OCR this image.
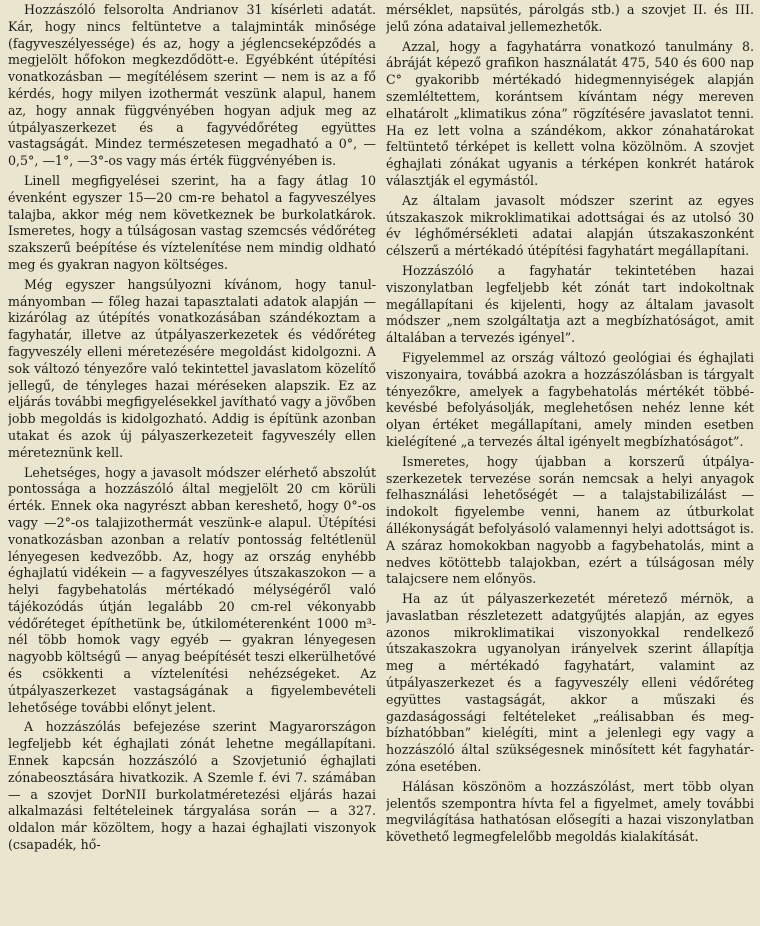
Hozzászóló felsorolta Andrianov 31 kísérleti adatát. Kár, hogy nincs feltüntetve a talajminták minősége (fagyveszélyessége) és az, hogy a jéglencseképződés a megjelölt hőfokon megkezdődött-e. Egyébként útépítési vonatkozásban — megítélésem szerint — nem is az a fő kérdés, hogy milyen izothermát veszünk alapul, hanem az, hogy annak függvényében hogyan adjuk meg az útpályaszerkezet és a fagyvédőréteg együttes vastagságát. Mindez természetesen megadható a 0°, —0,5°, —1°, —3°-os vagy más érték függvényében is.

Linell megfigyelései szerint, ha a fagy átlag 10 évenként egyszer 15—20 cm-re behatol a fagyveszélyes talajba, akkor még nem következnek be burkolatkárok. Ismeretes, hogy a túlságosan vastag szemcsés védőréteg szakszerű beépítése és víztelenítése nem mindig oldható meg és gyakran nagyon költséges.

Még egyszer hangsúlyozni kívánom, hogy tanulmányomban — főleg hazai tapasztalati adatok alapján — kizárólag az útépítés vonatkozásában szándékoztam a fagyhatár, illetve az útpályaszerkezetek és védőréteg fagyveszély elleni méretezésére megoldást kidolgozni. A sok változó tényezőre való tekintettel javaslatom közelítő jellegű, de tényleges hazai méréseken alapszik. Ez az eljárás további megfigyelésekkel javítható vagy a jövőben jobb megoldás is kidolgozható. Addig is építünk azonban utakat és azok új pályaszerkezeteit fagyveszély ellen méreteznünk kell.

Lehetséges, hogy a javasolt módszer elérhető abszolút pontossága a hozzászóló által megjelölt 20 cm körüli érték. Ennek oka nagyrészt abban kereshető, hogy 0°-os vagy —2°-os talajizothermát veszünk-e alapul. Útépítési vonatkozásban azonban a relatív pontosság feltétlenül lényegesen kedvezőbb. Az, hogy az ország enyhébb éghajlatú vidékein — a fagyveszélyes útszakaszokon — a helyi fagybehatolás mértékadó mélységéről való tájékozódás útján legalább 20 cm-rel vékonyabb védőréteget építhetünk be, útkilométerenként 1000 m³-nél több homok vagy egyéb — gyakran lényegesen nagyobb költségű — anyag beépítését teszi elkerülhetővé és csökkenti a víztelenítési nehézségeket. Az útpályaszerkezet vastagságának a figyelembevételi lehetősége további előnyt jelent.

A hozzászólás befejezése szerint Magyarországon legfeljebb két éghajlati zónát lehetne megállapítani. Ennek kapcsán hozzászóló a Szovjetunió éghajlati zónabeosztására hivatkozik. A Szemle f. évi 7. számában — a szovjet DorNII burkolatméretezési eljárás hazai alkalmazási feltételeinek tárgyalása során — a 327. oldalon már közöltem, hogy a hazai éghajlati viszonyok (csapadék, hő-

mérséklet, napsütés, párolgás stb.) a szovjet II. és III. jelű zóna adataival jellemezhetők.

Azzal, hogy a fagyhatárra vonatkozó tanulmány 8. ábráját képező grafikon használatát 475, 540 és 600 nap C° gyakoribb mértékadó hidegmennyiségek alapján szemléltettem, korántsem kívántam négy mereven elhatárolt „klimatikus zóna” rögzítésére javaslatot tenni. Ha ez lett volna a szándékom, akkor zónahatárokat feltüntető térképet is kellett volna közölnöm. A szovjet éghajlati zónákat ugyanis a térképen konkrét határok választják el egymástól.

Az általam javasolt módszer szerint az egyes útszakaszok mikroklimatikai adottságai és az utolsó 30 év léghőmérsékleti adatai alapján útszakaszonként célszerű a mértékadó útépítési fagyhatárt megállapítani.

Hozzászóló a fagyhatár tekintetében hazai viszonylatban legfeljebb két zónát tart indokoltnak megállapítani és kijelenti, hogy az általam javasolt módszer „nem szolgáltatja azt a megbízhatóságot, amit általában a tervezés igényel”.

Figyelemmel az ország változó geológiai és éghajlati viszonyaira, továbbá azokra a hozzászólásban is tárgyalt tényezőkre, amelyek a fagybehatolás mértékét többé-kevésbé befolyásolják, meglehetősen nehéz lenne két olyan értéket megállapítani, amely minden esetben kielégítené „a tervezés által igényelt megbízhatóságot”.

Ismeretes, hogy újabban a korszerű útpályaszerkezetek tervezése során nemcsak a helyi anyagok felhasználási lehetőségét — a talajstabilizálást — indokolt figyelembe venni, hanem az útburkolat állékonyságát befolyásoló valamennyi helyi adottságot is. A száraz homokokban nagyobb a fagybehatolás, mint a nedves kötöttebb talajokban, ezért a túlságosan mély talajcsere nem előnyös.

Ha az út pályaszerkezetét méretező mérnök, a javaslatban részletezett adatgyűjtés alapján, az egyes azonos mikroklimatikai viszonyokkal rendelkező útszakaszokra ugyanolyan irányelvek szerint állapítja meg a mértékadó fagyhatárt, valamint az útpályaszerkezet és a fagyveszély elleni védőréteg együttes vastagságát, akkor a műszaki és gazdaságossági feltételeket „reálisabban és megbízhatóbban” kielégíti, mint a jelenlegi egy vagy a hozzászóló által szükségesnek minősített két fagyhatár-zóna esetében.

Hálásan köszönöm a hozzászólást, mert több olyan jelentős szempontra hívta fel a figyelmet, amely további megvilágítása hathatósan elősegíti a hazai viszonylatban követhető legmegfelelőbb megoldás kialakítását.
